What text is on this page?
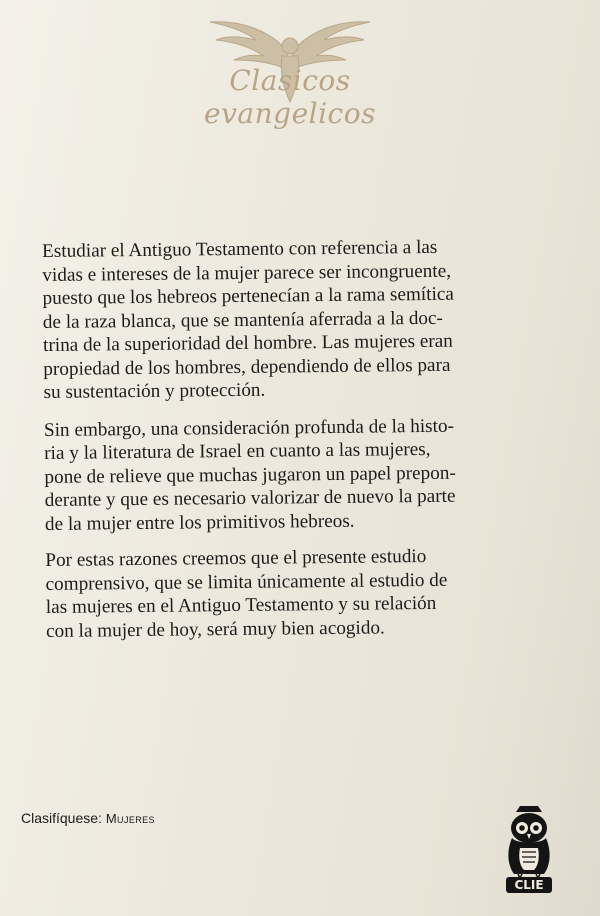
Clasicos evangelicos

Estudiar el Antiguo Testamento con referencia a las
vidas e intereses de la mujer parece ser incongruente,
puesto que los hebreos pertenecían a la rama semítica
de la raza blanca, que se mantenía aferrada a la doc-
trina de la superioridad del hombre. Las mujeres eran
propiedad de los hombres, dependiendo de ellos para
su sustentación y protección.

Sin embargo, una consideración profunda de la histo-
ria y la literatura de Israel en cuanto a las mujeres,
pone de relieve que muchas jugaron un papel prepon-
derante y que es necesario valorizar de nuevo la parte
de la mujer entre los primitivos hebreos.

Por estas razones creemos que el presente estudio
comprensivo, que se limita únicamente al estudio de
las mujeres en el Antiguo Testamento y su relación
con la mujer de hoy, será muy bien acogido.

Clasifíquese: Mujeres
CLIE
